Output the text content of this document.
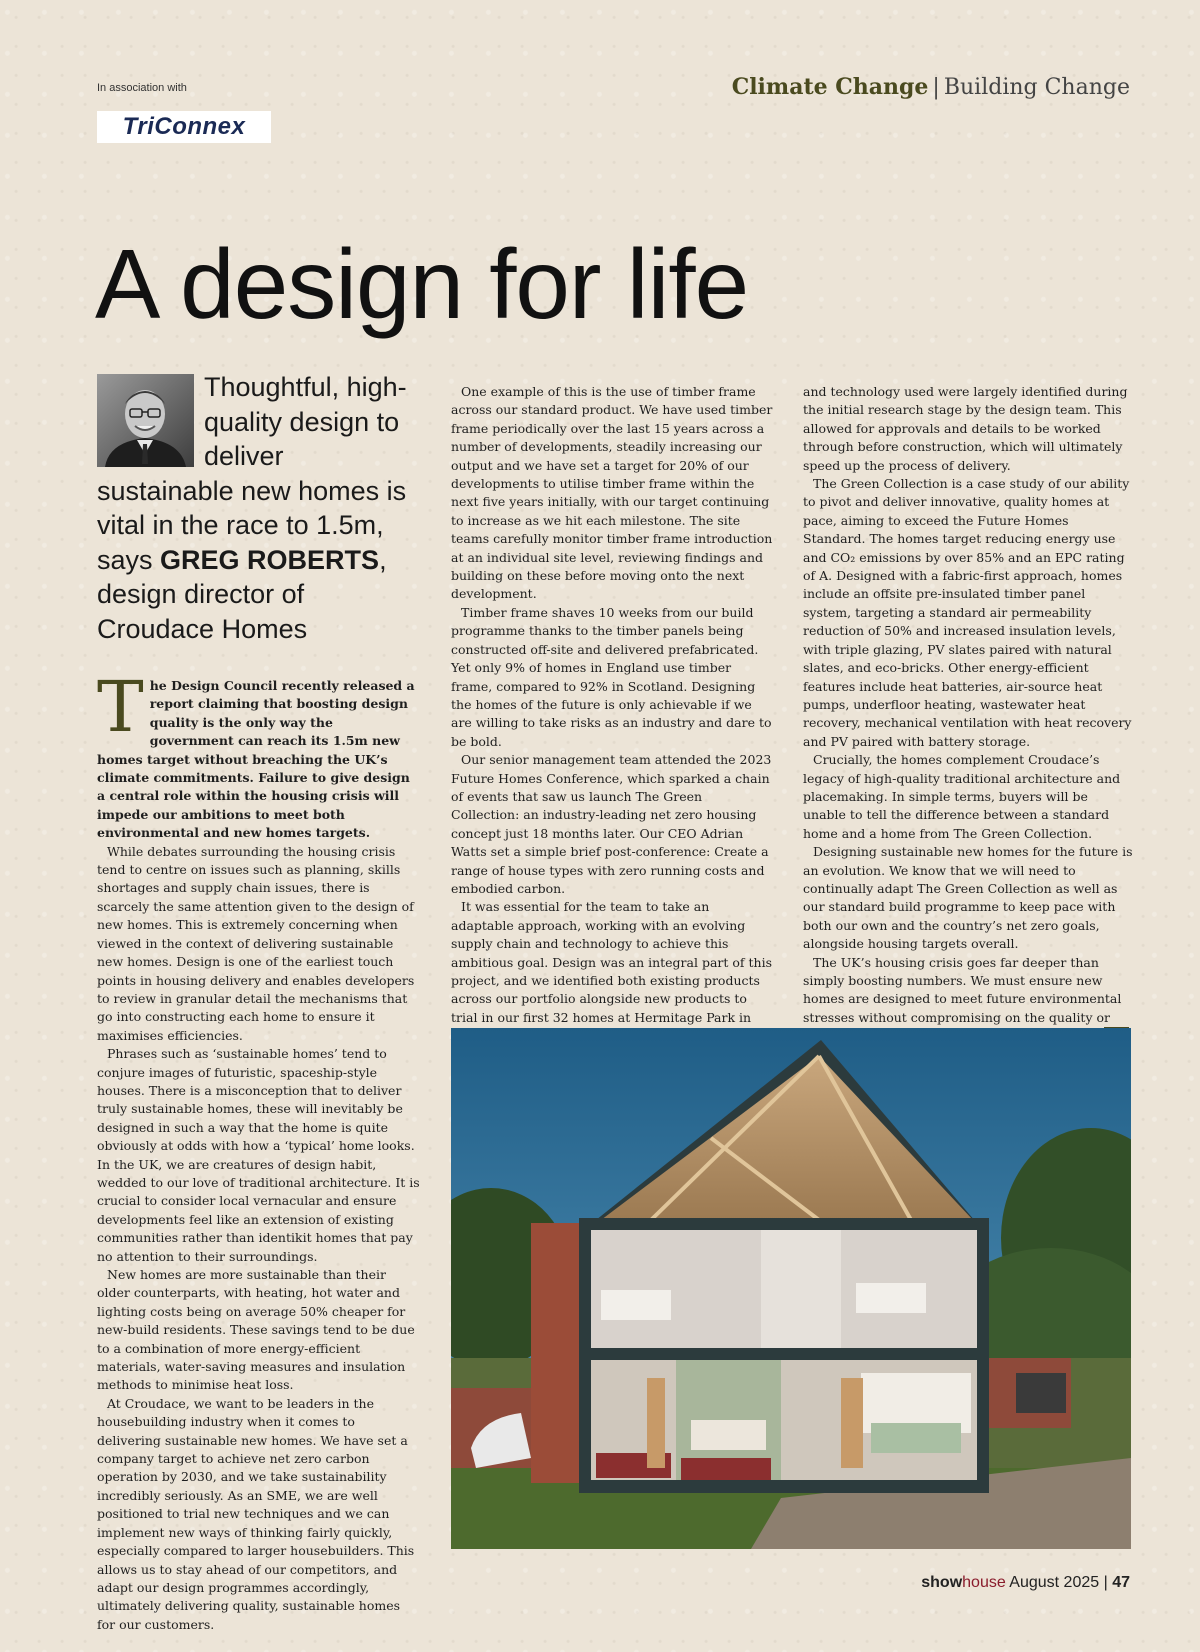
In association with
TriConnex
Climate Change | Building Change
A design for life
Thoughtful, high-quality design to deliver sustainable new homes is vital in the race to 1.5m, says GREG ROBERTS, design director of Croudace Homes

The Design Council recently released a report claiming that boosting design quality is the only way the government can reach its 1.5m new homes target without breaching the UK’s climate commitments. Failure to give design a central role within the housing crisis will impede our ambitions to meet both environmental and new homes targets.

While debates surrounding the housing crisis tend to centre on issues such as planning, skills shortages and supply chain issues, there is scarcely the same attention given to the design of new homes. This is extremely concerning when viewed in the context of delivering sustainable new homes. Design is one of the earliest touch points in housing delivery and enables developers to review in granular detail the mechanisms that go into constructing each home to ensure it maximises efficiencies.

Phrases such as ‘sustainable homes’ tend to conjure images of futuristic, spaceship-style houses. There is a misconception that to deliver truly sustainable homes, these will inevitably be designed in such a way that the home is quite obviously at odds with how a ‘typical’ home looks. In the UK, we are creatures of design habit, wedded to our love of traditional architecture. It is crucial to consider local vernacular and ensure developments feel like an extension of existing communities rather than identikit homes that pay no attention to their surroundings.

New homes are more sustainable than their older counterparts, with heating, hot water and lighting costs being on average 50% cheaper for new-build residents. These savings tend to be due to a combination of more energy-efficient materials, water-saving measures and insulation methods to minimise heat loss.

At Croudace, we want to be leaders in the housebuilding industry when it comes to delivering sustainable new homes. We have set a company target to achieve net zero carbon operation by 2030, and we take sustainability incredibly seriously. As an SME, we are well positioned to trial new techniques and we can implement new ways of thinking fairly quickly, especially compared to larger housebuilders. This allows us to stay ahead of our competitors, and adapt our design programmes accordingly, ultimately delivering quality, sustainable homes for our customers.

One example of this is the use of timber frame across our standard product. We have used timber frame periodically over the last 15 years across a number of developments, steadily increasing our output and we have set a target for 20% of our developments to utilise timber frame within the next five years initially, with our target continuing to increase as we hit each milestone. The site teams carefully monitor timber frame introduction at an individual site level, reviewing findings and building on these before moving onto the next development.

Timber frame shaves 10 weeks from our build programme thanks to the timber panels being constructed off-site and delivered prefabricated. Yet only 9% of homes in England use timber frame, compared to 92% in Scotland. Designing the homes of the future is only achievable if we are willing to take risks as an industry and dare to be bold.

Our senior management team attended the 2023 Future Homes Conference, which sparked a chain of events that saw us launch The Green Collection: an industry-leading net zero housing concept just 18 months later. Our CEO Adrian Watts set a simple brief post-conference: Create a range of house types with zero running costs and embodied carbon.

It was essential for the team to take an adaptable approach, working with an evolving supply chain and technology to achieve this ambitious goal. Design was an integral part of this project, and we identified both existing products across our portfolio alongside new products to trial in our first 32 homes at Hermitage Park in

and technology used were largely identified during the initial research stage by the design team. This allowed for approvals and details to be worked through before construction, which will ultimately speed up the process of delivery.

The Green Collection is a case study of our ability to pivot and deliver innovative, quality homes at pace, aiming to exceed the Future Homes Standard. The homes target reducing energy use and CO₂ emissions by over 85% and an EPC rating of A. Designed with a fabric-first approach, homes include an offsite pre-insulated timber panel system, targeting a standard air permeability reduction of 50% and increased insulation levels, with triple glazing, PV slates paired with natural slates, and eco-bricks. Other energy-efficient features include heat batteries, air-source heat pumps, underfloor heating, wastewater heat recovery, mechanical ventilation with heat recovery and PV paired with battery storage.

Crucially, the homes complement Croudace’s legacy of high-quality traditional architecture and placemaking. In simple terms, buyers will be unable to tell the difference between a standard home and a home from The Green Collection.

Designing sustainable new homes for the future is an evolution. We know that we will need to continually adapt The Green Collection as well as our standard build programme to keep pace with both our own and the country’s net zero goals, alongside housing targets overall.

The UK’s housing crisis goes far deeper than simply boosting numbers. We must ensure new homes are designed to meet future environmental stresses without compromising on the quality or

showhouse August 2025 | 47
